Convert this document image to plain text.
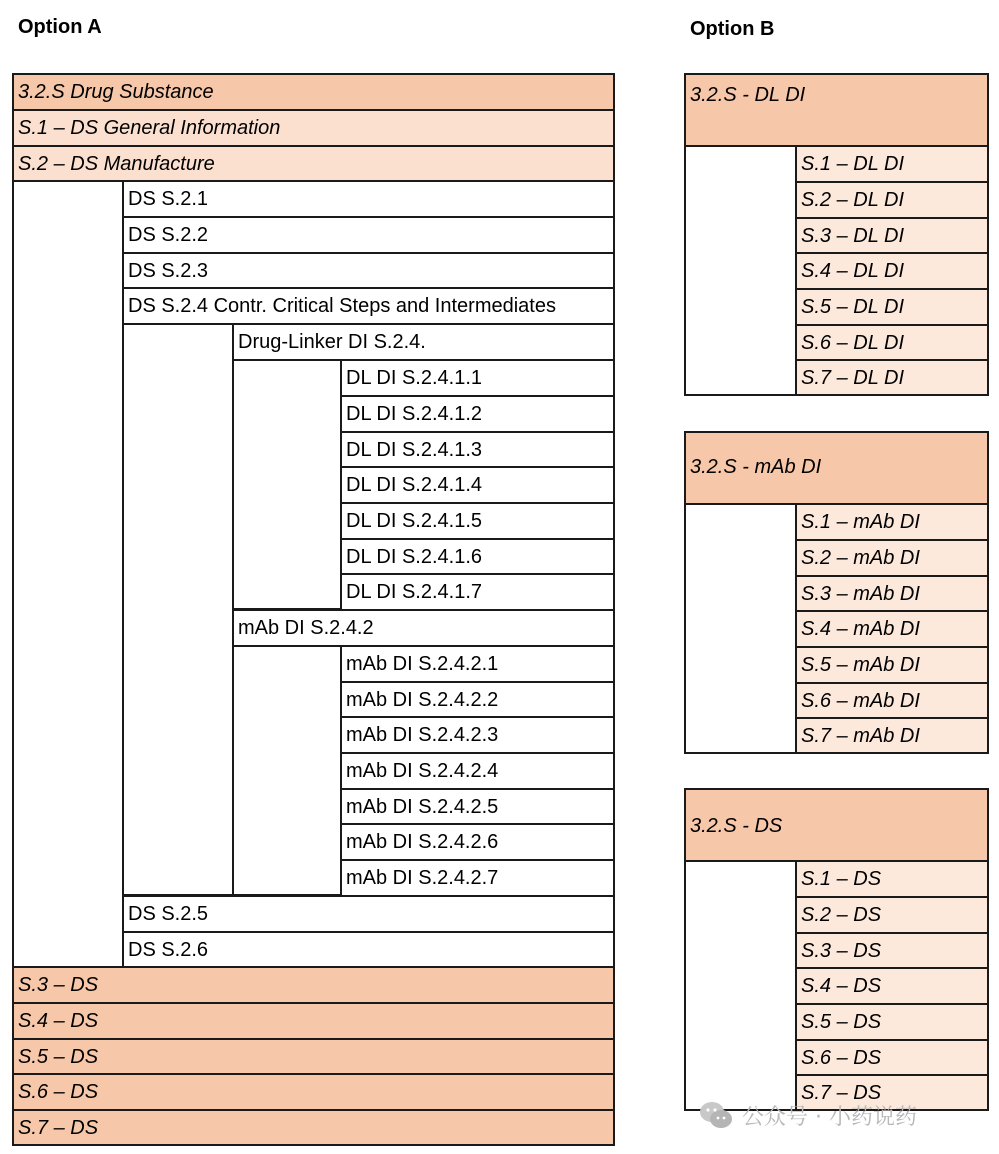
Option A	Option B
3.2.S Drug Substance
S.1 – DS General Information
S.2 – DS Manufacture
DS S.2.1
DS S.2.2
DS S.2.3
DS S.2.4 Contr. Critical Steps and Intermediates
Drug-Linker DI S.2.4.
DL DI S.2.4.1.1
DL DI S.2.4.1.2
DL DI S.2.4.1.3
DL DI S.2.4.1.4
DL DI S.2.4.1.5
DL DI S.2.4.1.6
DL DI S.2.4.1.7
mAb DI S.2.4.2
mAb DI S.2.4.2.1
mAb DI S.2.4.2.2
mAb DI S.2.4.2.3
mAb DI S.2.4.2.4
mAb DI S.2.4.2.5
mAb DI S.2.4.2.6
mAb DI S.2.4.2.7
DS S.2.5
DS S.2.6
S.3 – DS
S.4 – DS
S.5 – DS
S.6 – DS
S.7 – DS
3.2.S - DL DI
S.1 – DL DI
S.2 – DL DI
S.3 – DL DI
S.4 – DL DI
S.5 – DL DI
S.6 – DL DI
S.7 – DL DI
3.2.S - mAb DI
S.1 – mAb DI
S.2 – mAb DI
S.3 – mAb DI
S.4 – mAb DI
S.5 – mAb DI
S.6 – mAb DI
S.7 – mAb DI
3.2.S - DS
S.1 – DS
S.2 – DS
S.3 – DS
S.4 – DS
S.5 – DS
S.6 – DS
S.7 – DS
公众号 · 小药说药
